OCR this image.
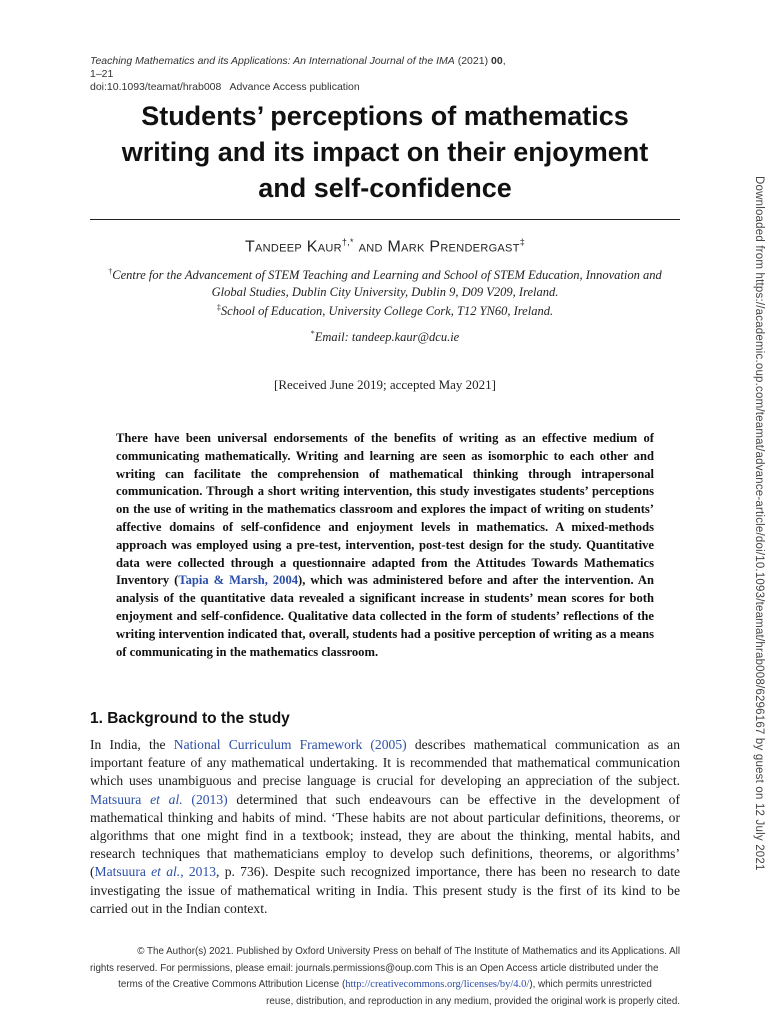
Teaching Mathematics and its Applications: An International Journal of the IMA (2021) 00, 1–21
doi:10.1093/teamat/hrab008 Advance Access publication
Students’ perceptions of mathematics
writing and its impact on their enjoyment
and self-confidence
Tandeep Kaur†,* and Mark Prendergast‡
†Centre for the Advancement of STEM Teaching and Learning and School of STEM Education, Innovation and
Global Studies, Dublin City University, Dublin 9, D09 V209, Ireland.
‡School of Education, University College Cork, T12 YN60, Ireland.
*Email: tandeep.kaur@dcu.ie
[Received June 2019; accepted May 2021]
There have been universal endorsements of the benefits of writing as an effective medium of communicating mathematically. Writing and learning are seen as isomorphic to each other and writing can facilitate the comprehension of mathematical thinking through intrapersonal communication. Through a short writing intervention, this study investigates students’ perceptions on the use of writing in the mathematics classroom and explores the impact of writing on students’ affective domains of self-confidence and enjoyment levels in mathematics. A mixed-methods approach was employed using a pre-test, intervention, post-test design for the study. Quantitative data were collected through a questionnaire adapted from the Attitudes Towards Mathematics Inventory (Tapia & Marsh, 2004), which was administered before and after the intervention. An analysis of the quantitative data revealed a significant increase in students’ mean scores for both enjoyment and self-confidence. Qualitative data collected in the form of students’ reflections of the writing intervention indicated that, overall, students had a positive perception of writing as a means of communicating in the mathematics classroom.
1. Background to the study
In India, the National Curriculum Framework (2005) describes mathematical communication as an important feature of any mathematical undertaking. It is recommended that mathematical communication which uses unambiguous and precise language is crucial for developing an appreciation of the subject. Matsuura et al. (2013) determined that such endeavours can be effective in the development of mathematical thinking and habits of mind. ‘These habits are not about particular definitions, theorems, or algorithms that one might find in a textbook; instead, they are about the thinking, mental habits, and research techniques that mathematicians employ to develop such definitions, theorems, or algorithms’ (Matsuura et al., 2013, p. 736). Despite such recognized importance, there has been no research to date investigating the issue of mathematical writing in India. This present study is the first of its kind to be carried out in the Indian context.
© The Author(s) 2021. Published by Oxford University Press on behalf of The Institute of Mathematics and its Applications. All
rights reserved. For permissions, please email: journals.permissions@oup.com This is an Open Access article distributed under the
terms of the Creative Commons Attribution License (http://creativecommons.org/licenses/by/4.0/), which permits unrestricted
reuse, distribution, and reproduction in any medium, provided the original work is properly cited.
Downloaded from https://academic.oup.com/teamat/advance-article/doi/10.1093/teamat/hrab008/6296167 by guest on 12 July 2021
